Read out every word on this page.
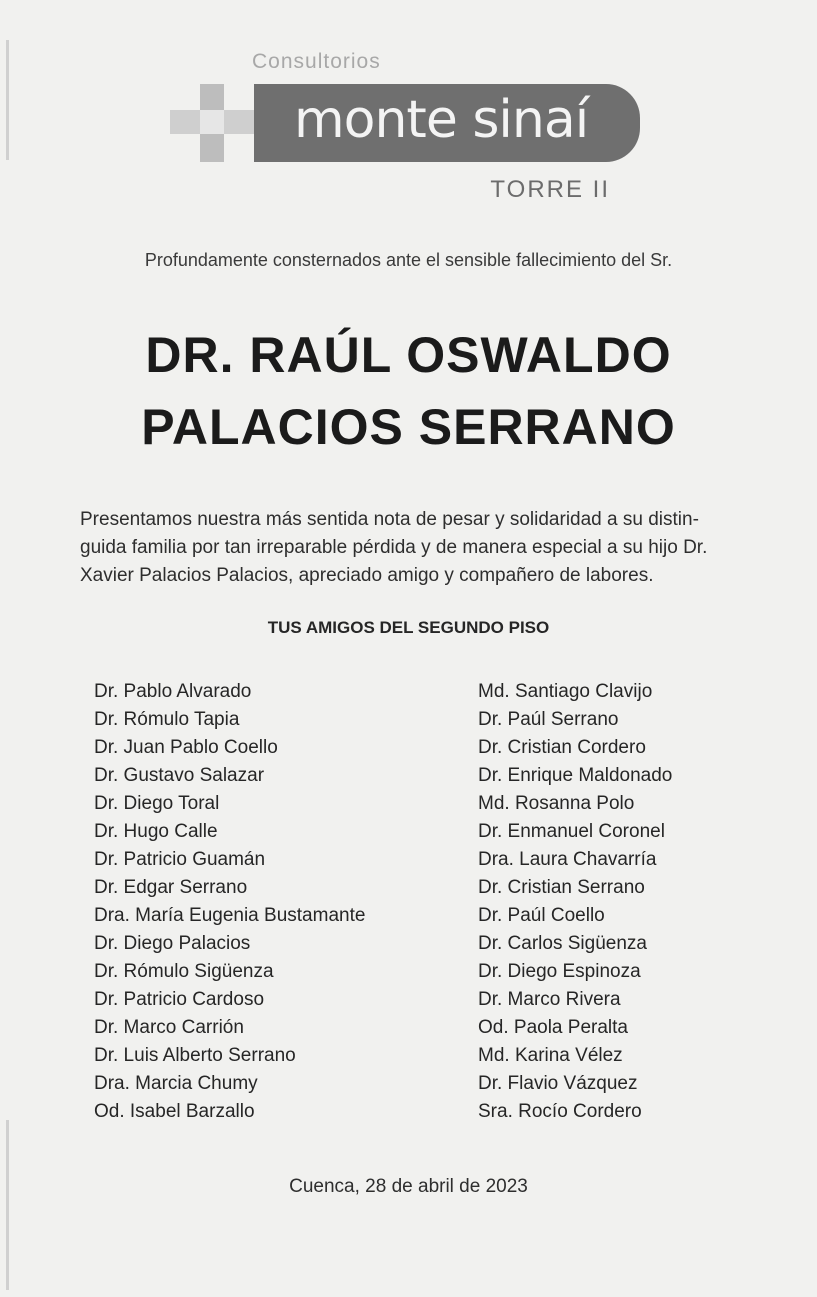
Consultorios
monte sinaí
TORRE II
Profundamente consternados ante el sensible fallecimiento del Sr.
DR. RAÚL OSWALDO
PALACIOS SERRANO
Presentamos nuestra más sentida nota de pesar y solidaridad a su distin-
guida familia por tan irreparable pérdida y de manera especial a su hijo Dr.
Xavier Palacios Palacios, apreciado amigo y compañero de labores.
TUS AMIGOS DEL SEGUNDO PISO
Dr. Pablo Alvarado
Dr. Rómulo Tapia
Dr. Juan Pablo Coello
Dr. Gustavo Salazar
Dr. Diego Toral
Dr. Hugo Calle
Dr. Patricio Guamán
Dr. Edgar Serrano
Dra. María Eugenia Bustamante
Dr. Diego Palacios
Dr. Rómulo Sigüenza
Dr. Patricio Cardoso
Dr. Marco Carrión
Dr. Luis Alberto Serrano
Dra. Marcia Chumy
Od. Isabel Barzallo
Md. Santiago Clavijo
Dr. Paúl Serrano
Dr. Cristian Cordero
Dr. Enrique Maldonado
Md. Rosanna Polo
Dr. Enmanuel Coronel
Dra. Laura Chavarría
Dr. Cristian Serrano
Dr. Paúl Coello
Dr. Carlos Sigüenza
Dr. Diego Espinoza
Dr. Marco Rivera
Od. Paola Peralta
Md. Karina Vélez
Dr. Flavio Vázquez
Sra. Rocío Cordero
Cuenca, 28 de abril de 2023
